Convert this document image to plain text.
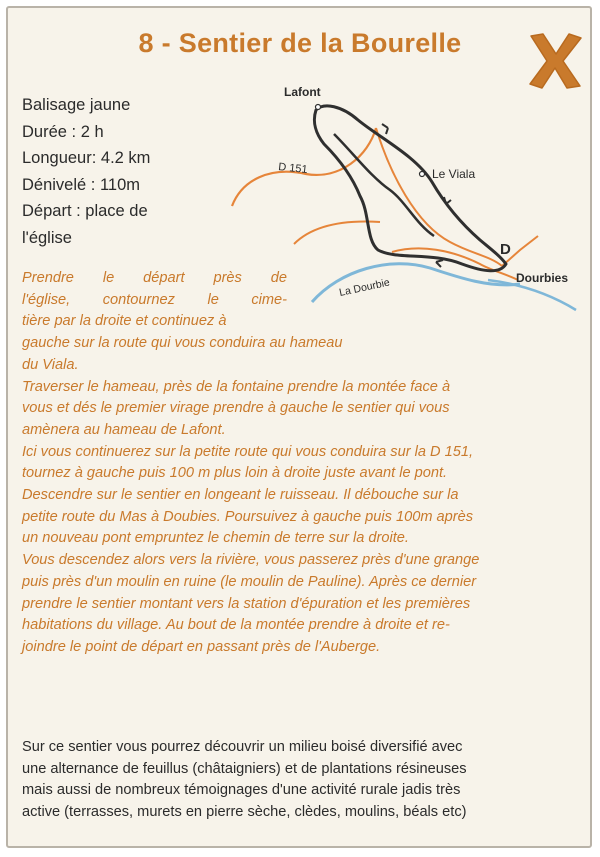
8 - Sentier de la Bourelle
Balisage jaune
Durée : 2 h
Longueur: 4.2 km
Dénivelé : 110m
Départ : place de
l'église
Lafont
D 151	Le Viala
D
La Dourbie	Dourbies
Prendre le départ près de
l'église, contournez le cime-
tière par la droite et continuez à
gauche sur la route qui vous conduira au hameau
du Viala.
Traverser le hameau, près de la fontaine prendre la montée face à
vous et dés le premier virage prendre à gauche le sentier qui vous
amènera au hameau de Lafont.
Ici vous continuerez sur la petite route qui vous conduira sur la D 151,
tournez à gauche puis 100 m plus loin à droite juste avant le pont.
Descendre sur le sentier en longeant le ruisseau. Il débouche sur la
petite route du Mas à Doubies. Poursuivez à gauche puis 100m après
un nouveau pont empruntez le chemin de terre sur la droite.
Vous descendez alors vers la rivière, vous passerez près d'une grange
puis près d'un moulin en ruine (le moulin de Pauline). Après ce dernier
prendre le sentier montant vers la station d'épuration et les premières
habitations du village. Au bout de la montée prendre à droite et re-
joindre le point de départ en passant près de l'Auberge.
Sur ce sentier vous pourrez découvrir un milieu boisé diversifié avec
une alternance de feuillus (châtaigniers) et de plantations résineuses
mais aussi de nombreux témoignages d'une activité rurale jadis très
active (terrasses, murets en pierre sèche, clèdes, moulins, béals etc)
